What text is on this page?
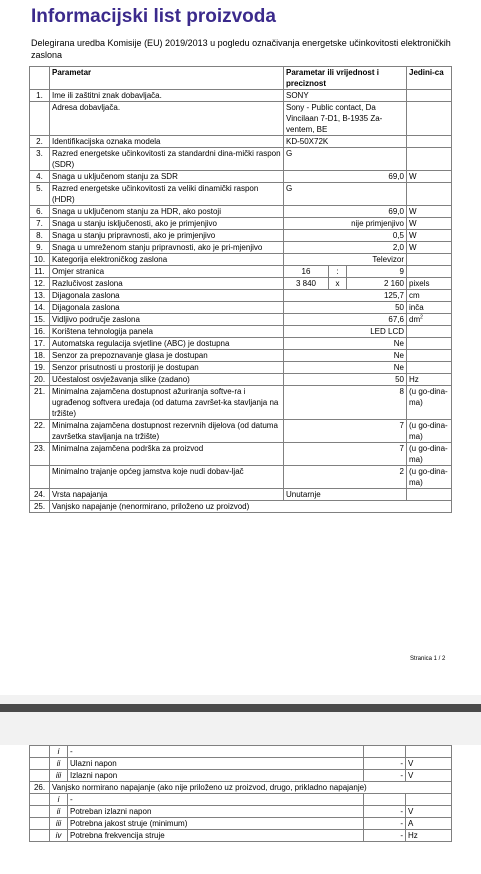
Informacijski list proizvoda
Delegirana uredba Komisije (EU) 2019/2013 u pogledu označivanja energetske učinkovitosti elektroničkih zaslona
	Parametar	Parametar ili vrijednost i preciznost			Jedini-ca
1.	Ime ili zaštitni znak dobavljača.	SONY			
	Adresa dobavljača.	Sony - Public contact, Da Vincilaan 7-D1, B-1935 Za-ventem, BE			
2.	Identifikacijska oznaka modela	KD-50X72K			
3.	Razred energetske učinkovitosti za standardni dina-mički raspon (SDR)	G			
4.	Snaga u uključenom stanju za SDR	69,0			W
5.	Razred energetske učinkovitosti za veliki dinamički raspon (HDR)	G			
6.	Snaga u uključenom stanju za HDR, ako postoji	69,0			W
7.	Snaga u stanju isključenosti, ako je primjenjivo	nije primjenjivo			W
8.	Snaga u stanju pripravnosti, ako je primjenjivo	0,5			W
9.	Snaga u umreženom stanju pripravnosti, ako je pri-mjenjivo	2,0			W
10.	Kategorija elektroničkog zaslona	Televizor			
11.	Omjer stranica	16	:	9	
12.	Razlučivost zaslona	3 840	x	2 160	pixels
13.	Dijagonala zaslona	125,7			cm
14.	Dijagonala zaslona	50			inča
15.	Vidljivo područje zaslona	67,6			$dm^2$
16.	Korištena tehnologija panela	LED LCD			
17.	Automatska regulacija svjetline (ABC) je dostupna	Ne			
18.	Senzor za prepoznavanje glasa je dostupan	Ne			
19.	Senzor prisutnosti u prostoriji je dostupan	Ne			
20.	Učestalost osvježavanja slike (zadano)	50			Hz
21.	Minimalna zajamčena dostupnost ažuriranja softve-ra i ugrađenog softvera uređaja (od datuma završet-ka stavljanja na tržište)	8			(u go-dina-ma)
22.	Minimalna zajamčena dostupnost rezervnih dijelova (od datuma završetka stavljanja na tržište)	7			(u go-dina-ma)
23.	Minimalna zajamčena podrška za proizvod	7			(u go-dina-ma)
	Minimalno trajanje općeg jamstva koje nudi dobav-ljač	2			(u go-dina-ma)
24.	Vrsta napajanja	Unutarnje			
25.	Vanjsko napajanje (nenormirano, priloženo uz proizvod)				
Stranica 1 / 2
	i	-		
	ii	Ulazni napon	-	V
	iii	Izlazni napon	-	V
26.	Vanjsko normirano napajanje (ako nije priloženo uz proizvod, drugo, prikladno napajanje)			
	i	-		
	ii	Potreban izlazni napon	-	V
	iii	Potrebna jakost struje (minimum)	-	A
	iv	Potrebna frekvencija struje	-	Hz
